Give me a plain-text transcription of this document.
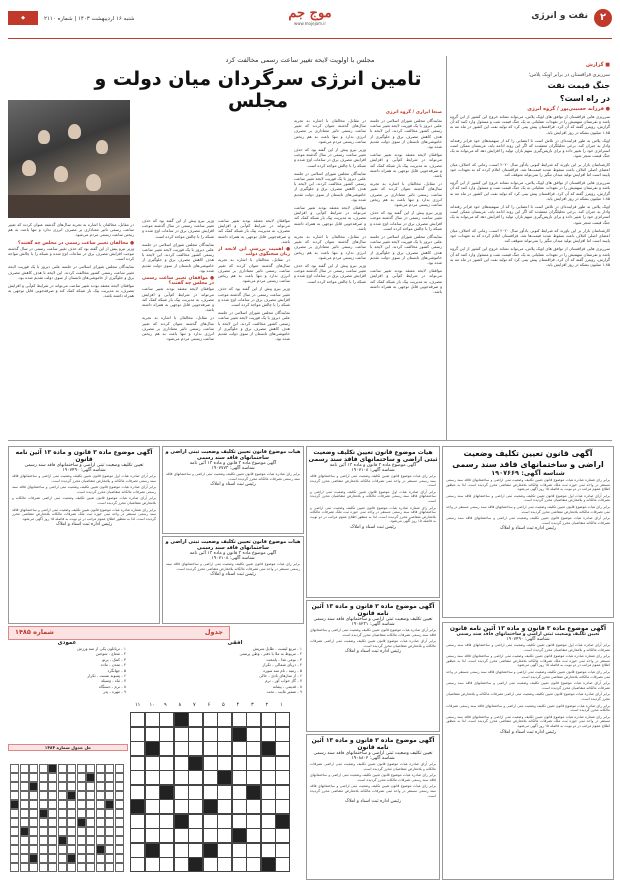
۲
نفت و انرژی
موج جم
www.mojejam.ir
شنبه ۱۶ اردیبهشت ۱۴۰۳ | شماره ۲۱۱۰
◆
■ گزارش
سرریزی قزاقستان در برابر اوپک پلاس؛
جنگ قیمت نفت
در راه است؟
● فرزانه حسینی‌پور / گروه انرژی

سرریزی هایی قزاقستان از توافق های اوپک پلاس، می‌تواند نشانه خروج این کشور از این گروه باشد و نفرستان سهمیش را در تعهدات عملیاتی به یک جنگ قیمت نفت و مسئول وارد کنند که آن گزارش، رویترز گفته که آن کرد. قزاقستان پیش بینی کرد که تولید نفت این کشور در ماه مه به ۱.۸۵ میلیون بشکه در روز افزایش یابد.

اوپک پلاس به طور فزاینده‌ای در تلاش است تا اعضایی را که از سهمیه‌های خود فراتر رفته‌اند وادار به جبران کند. برخی تحلیلگران معتقدند که اگر این روند ادامه یابد، عربستان ممکن است استراتژی خود را تغییر داده و برای بازپس‌گیری سهم بازار، تولید را افزایش دهد که می‌تواند به یک جنگ قیمت منجر شود.

کارشناسان بازار بر این باورند که شرایط کنونی یادآور سال ۲۰۲۰ است، زمانی که اختلاف میان اعضای اصلی ائتلاف باعث سقوط شدید قیمت‌ها شد. قزاقستان اعلام کرده که به تعهدات خود پایبند است اما افزایش تولید میدان تنگیز را نمی‌تواند متوقف کند.

سرریزی هایی قزاقستان از توافق های اوپک پلاس، می‌تواند نشانه خروج این کشور از این گروه باشد و نفرستان سهمیش را در تعهدات عملیاتی به یک جنگ قیمت نفت و مسئول وارد کنند که آن گزارش، رویترز گفته که آن کرد. قزاقستان پیش بینی کرد که تولید نفت این کشور در ماه مه به ۱.۸۵ میلیون بشکه در روز افزایش یابد.

اوپک پلاس به طور فزاینده‌ای در تلاش است تا اعضایی را که از سهمیه‌های خود فراتر رفته‌اند وادار به جبران کند. برخی تحلیلگران معتقدند که اگر این روند ادامه یابد، عربستان ممکن است استراتژی خود را تغییر داده و برای بازپس‌گیری سهم بازار، تولید را افزایش دهد که می‌تواند به یک جنگ قیمت منجر شود.

کارشناسان بازار بر این باورند که شرایط کنونی یادآور سال ۲۰۲۰ است، زمانی که اختلاف میان اعضای اصلی ائتلاف باعث سقوط شدید قیمت‌ها شد. قزاقستان اعلام کرده که به تعهدات خود پایبند است اما افزایش تولید میدان تنگیز را نمی‌تواند متوقف کند.

سرریزی هایی قزاقستان از توافق های اوپک پلاس، می‌تواند نشانه خروج این کشور از این گروه باشد و نفرستان سهمیش را در تعهدات عملیاتی به یک جنگ قیمت نفت و مسئول وارد کنند که آن گزارش، رویترز گفته که آن کرد. قزاقستان پیش بینی کرد که تولید نفت این کشور در ماه مه به ۱.۸۵ میلیون بشکه در روز افزایش یابد.

مجلس با اولویت لایحه تغییر ساعت رسمی مخالفت کرد
تامین انرژی سرگردان میان دولت و مجلس
صنعا ابراری / گروه انرژی

نمایندگان مجلس شورای اسلامی در جلسه علنی دیروز با یک فوریت لایحه تغییر ساعت رسمی کشور مخالفت کردند. این لایحه با هدف کاهش مصرف برق و جلوگیری از خاموشی‌های تابستان از سوی دولت تقدیم شده بود.

موافقان لایحه معتقد بودند تغییر ساعت می‌تواند در شرایط کم‌آبی و افزایش مصرف، به مدیریت پیک بار شبکه کمک کند و صرفه‌جویی قابل توجهی به همراه داشته باشد.

در مقابل، مخالفان با اشاره به تجربه سال‌های گذشته عنوان کردند که تغییر ساعت رسمی تاثیر معناداری بر مصرف انرژی ندارد و تنها باعث به هم ریختن ساعت زیستی مردم می‌شود.

وزیر نیرو پیش از این گفته بود که حذف تغییر ساعت رسمی در سال گذشته موجب افزایش مصرف برق در ساعات اوج شده و شبکه را با چالش مواجه کرده است.

نمایندگان مجلس شورای اسلامی در جلسه علنی دیروز با یک فوریت لایحه تغییر ساعت رسمی کشور مخالفت کردند. این لایحه با هدف کاهش مصرف برق و جلوگیری از خاموشی‌های تابستان از سوی دولت تقدیم شده بود.

موافقان لایحه معتقد بودند تغییر ساعت می‌تواند در شرایط کم‌آبی و افزایش مصرف، به مدیریت پیک بار شبکه کمک کند و صرفه‌جویی قابل توجهی به همراه داشته باشد.

در مقابل، مخالفان با اشاره به تجربه سال‌های گذشته عنوان کردند که تغییر ساعت رسمی تاثیر معناداری بر مصرف انرژی ندارد و تنها باعث به هم ریختن ساعت زیستی مردم می‌شود.

وزیر نیرو پیش از این گفته بود که حذف تغییر ساعت رسمی در سال گذشته موجب افزایش مصرف برق در ساعات اوج شده و شبکه را با چالش مواجه کرده است.

نمایندگان مجلس شورای اسلامی در جلسه علنی دیروز با یک فوریت لایحه تغییر ساعت رسمی کشور مخالفت کردند. این لایحه با هدف کاهش مصرف برق و جلوگیری از خاموشی‌های تابستان از سوی دولت تقدیم شده بود.

موافقان لایحه معتقد بودند تغییر ساعت می‌تواند در شرایط کم‌آبی و افزایش مصرف، به مدیریت پیک بار شبکه کمک کند و صرفه‌جویی قابل توجهی به همراه داشته باشد.

در مقابل، مخالفان با اشاره به تجربه سال‌های گذشته عنوان کردند که تغییر ساعت رسمی تاثیر معناداری بر مصرف انرژی ندارد و تنها باعث به هم ریختن ساعت زیستی مردم می‌شود.

وزیر نیرو پیش از این گفته بود که حذف تغییر ساعت رسمی در سال گذشته موجب افزایش مصرف برق در ساعات اوج شده و شبکه را با چالش مواجه کرده است.

موافقان لایحه معتقد بودند تغییر ساعت می‌تواند در شرایط کم‌آبی و افزایش مصرف، به مدیریت پیک بار شبکه کمک کند و صرفه‌جویی قابل توجهی به همراه داشته باشد.

● اهمیت بررسی این لایحه از زبان سخنگوی دولت

در مقابل، مخالفان با اشاره به تجربه سال‌های گذشته عنوان کردند که تغییر ساعت رسمی تاثیر معناداری بر مصرف انرژی ندارد و تنها باعث به هم ریختن ساعت زیستی مردم می‌شود.

وزیر نیرو پیش از این گفته بود که حذف تغییر ساعت رسمی در سال گذشته موجب افزایش مصرف برق در ساعات اوج شده و شبکه را با چالش مواجه کرده است.

نمایندگان مجلس شورای اسلامی در جلسه علنی دیروز با یک فوریت لایحه تغییر ساعت رسمی کشور مخالفت کردند. این لایحه با هدف کاهش مصرف برق و جلوگیری از خاموشی‌های تابستان از سوی دولت تقدیم شده بود.

وزیر نیرو پیش از این گفته بود که حذف تغییر ساعت رسمی در سال گذشته موجب افزایش مصرف برق در ساعات اوج شده و شبکه را با چالش مواجه کرده است.

نمایندگان مجلس شورای اسلامی در جلسه علنی دیروز با یک فوریت لایحه تغییر ساعت رسمی کشور مخالفت کردند. این لایحه با هدف کاهش مصرف برق و جلوگیری از خاموشی‌های تابستان از سوی دولت تقدیم شده بود.

● موافقان تغییر ساعت رسمی در مجلس چه گفتند؟

موافقان لایحه معتقد بودند تغییر ساعت می‌تواند در شرایط کم‌آبی و افزایش مصرف، به مدیریت پیک بار شبکه کمک کند و صرفه‌جویی قابل توجهی به همراه داشته باشد.

در مقابل، مخالفان با اشاره به تجربه سال‌های گذشته عنوان کردند که تغییر ساعت رسمی تاثیر معناداری بر مصرف انرژی ندارد و تنها باعث به هم ریختن ساعت زیستی مردم می‌شود.

در مقابل، مخالفان با اشاره به تجربه سال‌های گذشته عنوان کردند که تغییر ساعت رسمی تاثیر معناداری بر مصرف انرژی ندارد و تنها باعث به هم ریختن ساعت زیستی مردم می‌شود.

● مخالفان تغییر ساعت رسمی در مجلس چه گفتند؟

وزیر نیرو پیش از این گفته بود که حذف تغییر ساعت رسمی در سال گذشته موجب افزایش مصرف برق در ساعات اوج شده و شبکه را با چالش مواجه کرده است.

نمایندگان مجلس شورای اسلامی در جلسه علنی دیروز با یک فوریت لایحه تغییر ساعت رسمی کشور مخالفت کردند. این لایحه با هدف کاهش مصرف برق و جلوگیری از خاموشی‌های تابستان از سوی دولت تقدیم شده بود.

موافقان لایحه معتقد بودند تغییر ساعت می‌تواند در شرایط کم‌آبی و افزایش مصرف، به مدیریت پیک بار شبکه کمک کند و صرفه‌جویی قابل توجهی به همراه داشته باشد.

آگهی قانون تعیین تکلیف وضعیت
اراضی و ساختمانهای فاقد سند رسمی
شناسه آگهی: ۱۹۰۷۶۶۹
برابر رای شماره صادره هیات موضوع قانون تعیین تکلیف وضعیت ثبتی اراضی و ساختمانهای فاقد سند رسمی مستقر در واحد ثبتی حوزه ثبت ملک تصرفات مالکانه بلامعارض متقاضی محرز گردیده است. لذا به منظور اطلاع عموم مراتب در دو نوبت به فاصله ۱۵ روز آگهی می‌شود.
برابر آرای صادره هیات اول موضوع قانون تعیین تکلیف وضعیت ثبتی اراضی و ساختمانهای فاقد سند رسمی تصرفات مالکانه و بلامعارض متقاضیان محرز گردیده است.
برابر رای هیات موضوع قانون تعیین تکلیف وضعیت ثبتی اراضی و ساختمانهای فاقد سند رسمی مستقر در واحد ثبتی تصرفات مالکانه بلامعارض متقاضی محرز گردیده است.
برابر آرای صادره هیات موضوع قانون تعیین تکلیف وضعیت ثبتی اراضی و ساختمانهای فاقد سند رسمی تصرفات مالکانه متقاضیان محرز گردیده است.
رئیس اداره ثبت اسناد و املاک
آگهی موضوع ماده ۳ قانون و ماده ۱۳ آئین نامه قانون
تعیین تکلیف وضعیت ثبتی اراضی و ساختمانهای فاقد سند رسمی
شناسه آگهی: ۱۹۰۷۴۹۰
برابر آرای صادره هیات اول موضوع قانون تعیین تکلیف وضعیت ثبتی اراضی و ساختمانهای فاقد سند رسمی تصرفات مالکانه و بلامعارض متقاضیان محرز گردیده است.
برابر رای شماره صادره هیات موضوع قانون تعیین تکلیف وضعیت ثبتی اراضی و ساختمانهای فاقد سند رسمی مستقر در واحد ثبتی حوزه ثبت ملک تصرفات مالکانه بلامعارض متقاضی محرز گردیده است. لذا به منظور اطلاع عموم مراتب در دو نوبت به فاصله ۱۵ روز آگهی می‌شود.
برابر رای هیات موضوع قانون تعیین تکلیف وضعیت ثبتی اراضی و ساختمانهای فاقد سند رسمی مستقر در واحد ثبتی تصرفات مالکانه بلامعارض متقاضی محرز گردیده است.
برابر آرای صادره هیات موضوع قانون تعیین تکلیف وضعیت ثبتی اراضی و ساختمانهای فاقد سند رسمی تصرفات مالکانه متقاضیان محرز گردیده است.
برابر آرای صادره هیات موضوع قانون تعیین تکلیف وضعیت ثبتی اراضی تصرفات مالکانه و بلامعارض متقاضیان محرز گردیده است.
برابر رای صادره هیات موضوع قانون تعیین تکلیف وضعیت ثبتی اراضی و ساختمانهای فاقد سند رسمی تصرفات مالکانه محرز گردیده است.
برابر رای شماره صادره هیات موضوع قانون تعیین تکلیف وضعیت ثبتی اراضی و ساختمانهای فاقد سند رسمی مستقر در واحد ثبتی حوزه ثبت ملک تصرفات مالکانه بلامعارض متقاضی محرز گردیده است. لذا به منظور اطلاع عموم مراتب در دو نوبت به فاصله ۱۵ روز آگهی می‌شود.
رئیس اداره ثبت اسناد و املاک
هیات موضوع قانون تعیین تکلیف وضعیت ثبتی اراضی و ساختمانهای فاقد سند رسمی
آگهی موضوع ماده ۳ قانون و ماده ۱۳ آئین نامه
شناسه آگهی: ۱۹۰۷۱۰۸
برابر رای هیات موضوع قانون تعیین تکلیف وضعیت ثبتی اراضی و ساختمانهای فاقد سند رسمی مستقر در واحد ثبتی تصرفات مالکانه بلامعارض متقاضی محرز گردیده است.
برابر آرای صادره هیات اول موضوع قانون تعیین تکلیف وضعیت ثبتی اراضی و ساختمانهای فاقد سند رسمی تصرفات مالکانه و بلامعارض متقاضیان محرز گردیده است.
برابر رای شماره صادره هیات موضوع قانون تعیین تکلیف وضعیت ثبتی اراضی و ساختمانهای فاقد سند رسمی مستقر در واحد ثبتی حوزه ثبت ملک تصرفات مالکانه بلامعارض متقاضی محرز گردیده است. لذا به منظور اطلاع عموم مراتب در دو نوبت به فاصله ۱۵ روز آگهی می‌شود.
رئیس ثبت اسناد و املاک
آگهی موضوع ماده ۳ قانون و ماده ۱۳ آئین نامه قانون
تعیین تکلیف وضعیت ثبتی اراضی و ساختمانهای فاقد سند رسمی
شناسه آگهی: ۱۹۰۸۲۳۱
برابر آرای صادره هیات موضوع قانون تعیین تکلیف وضعیت ثبتی اراضی و ساختمانهای فاقد سند رسمی تصرفات مالکانه متقاضیان محرز گردیده است.
برابر آرای صادره هیات موضوع قانون تعیین تکلیف وضعیت ثبتی اراضی تصرفات مالکانه و بلامعارض متقاضیان محرز گردیده است.
رئیس اداره ثبت اسناد و املاک
آگهی موضوع ماده ۳ قانون و ماده ۱۳ آئین نامه قانون
تعیین تکلیف وضعیت ثبتی اراضی و ساختمانهای فاقد سند رسمی
شناسه آگهی: ۱۹۰۸۸۰۲
برابر آرای صادره هیات موضوع قانون تعیین تکلیف وضعیت ثبتی اراضی تصرفات مالکانه و بلامعارض متقاضیان محرز گردیده است.
برابر رای صادره هیات موضوع قانون تعیین تکلیف وضعیت ثبتی اراضی و ساختمانهای فاقد سند رسمی تصرفات مالکانه محرز گردیده است.
برابر رای هیات موضوع قانون تعیین تکلیف وضعیت ثبتی اراضی و ساختمانهای فاقد سند رسمی مستقر در واحد ثبتی تصرفات مالکانه بلامعارض متقاضی محرز گردیده است.
رئیس اداره ثبت اسناد و املاک
هیات موضوع قانون تعیین تکلیف وضعیت ثبتی اراضی و ساختمانهای فاقد سند رسمی
آگهی موضوع ماده ۳ قانون و ماده ۱۳ آئین نامه
شناسه آگهی: ۱۹۰۷۷۷۳
برابر رای صادره هیات موضوع قانون تعیین تکلیف وضعیت ثبتی اراضی و ساختمانهای فاقد سند رسمی تصرفات مالکانه محرز گردیده است.
رئیس ثبت اسناد و املاک
هیات موضوع قانون تعیین تکلیف وضعیت ثبتی اراضی و ساختمانهای فاقد سند رسمی
آگهی موضوع ماده ۳ قانون و ماده ۱۳ آئین نامه
شناسه آگهی: ۱۹۰۷۱۰۸
برابر رای هیات موضوع قانون تعیین تکلیف وضعیت ثبتی اراضی و ساختمانهای فاقد سند رسمی مستقر در واحد ثبتی تصرفات مالکانه بلامعارض متقاضی محرز گردیده است.
رئیس ثبت اسناد و املاک
آگهی موضوع ماده ۳ قانون و ماده ۱۳ آئین نامه قانون
تعیین تکلیف وضعیت ثبتی اراضی و ساختمانهای فاقد سند رسمی
شناسه آگهی: ۱۹۰۷۴۹۰
برابر آرای صادره هیات اول موضوع قانون تعیین تکلیف وضعیت ثبتی اراضی و ساختمانهای فاقد سند رسمی تصرفات مالکانه و بلامعارض متقاضیان محرز گردیده است.
برابر آرای صادره هیات موضوع قانون تعیین تکلیف وضعیت ثبتی اراضی و ساختمانهای فاقد سند رسمی تصرفات مالکانه متقاضیان محرز گردیده است.
برابر آرای صادره هیات موضوع قانون تعیین تکلیف وضعیت ثبتی اراضی تصرفات مالکانه و بلامعارض متقاضیان محرز گردیده است.
برابر رای شماره صادره هیات موضوع قانون تعیین تکلیف وضعیت ثبتی اراضی و ساختمانهای فاقد سند رسمی مستقر در واحد ثبتی حوزه ثبت ملک تصرفات مالکانه بلامعارض متقاضی محرز گردیده است. لذا به منظور اطلاع عموم مراتب در دو نوبت به فاصله ۱۵ روز آگهی می‌شود.
رئیس اداره ثبت اسناد و املاک
جدول
شماره ۱۴۸۵
افقی
۱ - مربع لیست - طایل سریش
۲ - مربوط به ملا یا دفتر - وطن پرستی
۳ - نوعی غذا - پایتخت
۴ - دریای شمالی - تکرار
۵ - رمیه - نام سه سوره
۶ - از سازهای بادی - خالی
۷ - گاز خواب آور - نرم
۸ - قدیمی - پیمانه
۹ - ضمیر غایب - تخت
عمودی
۱ - تریاتلون یکی از سه ورزش
۲ - شعاع - سوختن
۳ - کمک - پرتو
۴ - تمدن - ماده
۵ - جهانگرد
۶ - پسوند نسبت - تکرار
۷ - ماه - وسیله
۸ - نرم - دستگاه
۹ - مهره - پدر
حل جدول شماره ۱۴۸۴
۱
۲
۳
۴
۵
۶
۷
۸
۹
۱۰
۱۱
